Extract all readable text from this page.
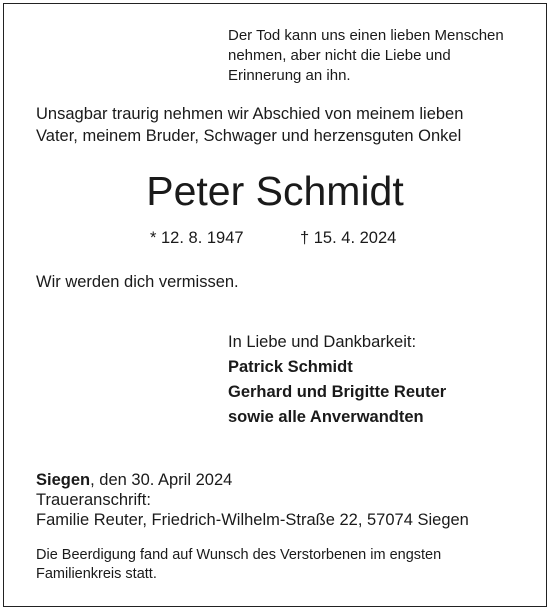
Der Tod kann uns einen lieben Menschen
nehmen, aber nicht die Liebe und
Erinnerung an ihn.
Unsagbar traurig nehmen wir Abschied von meinem lieben
Vater, meinem Bruder, Schwager und herzensguten Onkel
Peter Schmidt
* 12. 8. 1947	† 15. 4. 2024
Wir werden dich vermissen.
In Liebe und Dankbarkeit:
Patrick Schmidt
Gerhard und Brigitte Reuter
sowie alle Anverwandten
Siegen, den 30. April 2024
Traueranschrift:
Familie Reuter, Friedrich-Wilhelm-Straße 22, 57074 Siegen
Die Beerdigung fand auf Wunsch des Verstorbenen im engsten
Familienkreis statt.
